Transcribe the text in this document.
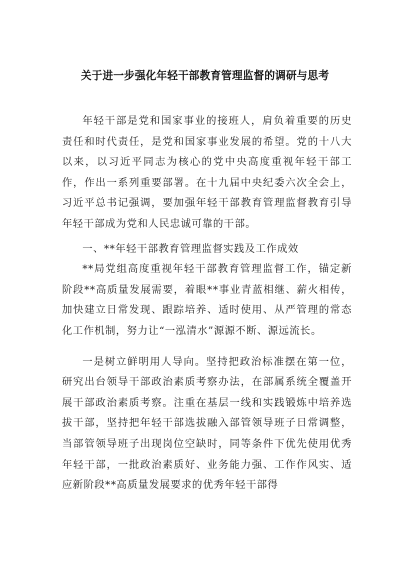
关于进一步强化年轻干部教育管理监督的调研与思考

年轻干部是党和国家事业的接班人，肩负着重要的历史责任和时代责任，是党和国家事业发展的希望。党的十八大以来，以习近平同志为核心的党中央高度重视年轻干部工作，作出一系列重要部署。在十九届中央纪委六次全会上，习近平总书记强调，要加强年轻干部教育管理监督教育引导年轻干部成为党和人民忠诚可靠的干部。

一、**年轻干部教育管理监督实践及工作成效

**局党组高度重视年轻干部教育管理监督工作，锚定新阶段**高质量发展需要，着眼**事业青蓝相继、薪火相传，加快建立日常发现、跟踪培养、适时使用、从严管理的常态化工作机制，努力让“一泓清水”源源不断、源远流长。

一是树立鲜明用人导向。坚持把政治标准摆在第一位，研究出台领导干部政治素质考察办法，在部属系统全覆盖开展干部政治素质考察。注重在基层一线和实践锻炼中培养选拔干部，坚持把年轻干部选拔融入部管领导班子日常调整，当部管领导班子出现岗位空缺时，同等条件下优先使用优秀年轻干部，一批政治素质好、业务能力强、工作作风实、适应新阶段**高质量发展要求的优秀年轻干部得
